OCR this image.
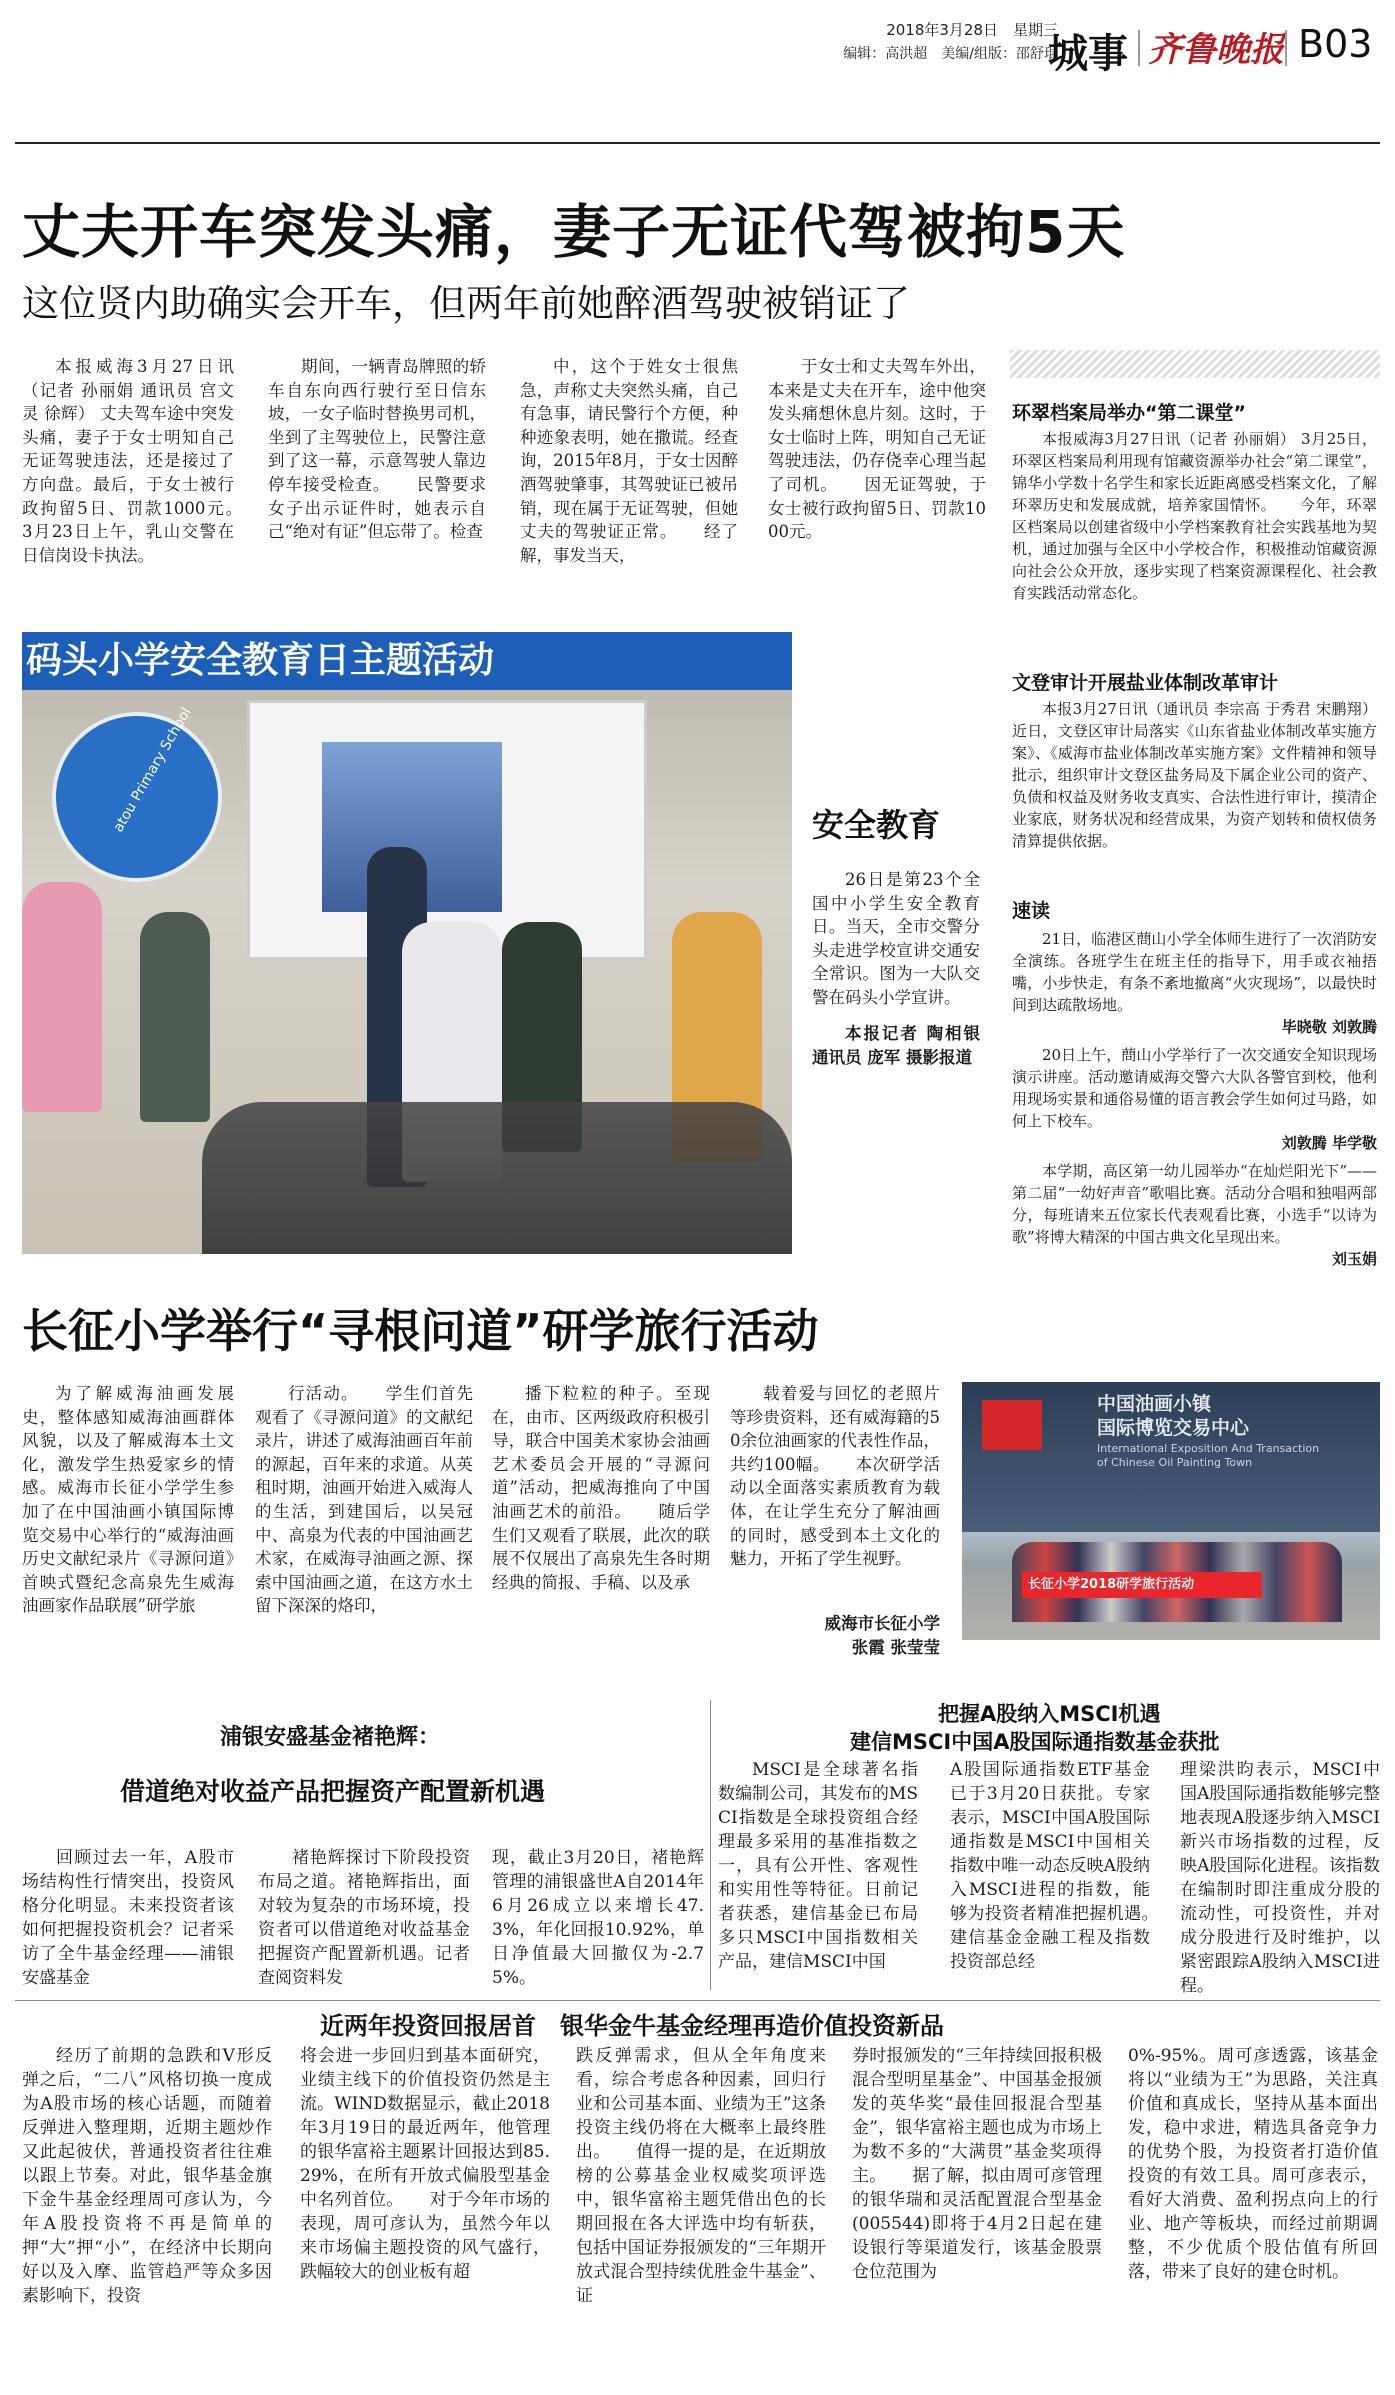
2018年3月28日　星期三
编辑：高洪超　美编/组版：邵舒琨
城事 齐鲁晚报 B03
丈夫开车突发头痛，妻子无证代驾被拘5天
这位贤内助确实会开车，但两年前她醉酒驾驶被销证了

本报威海3月27日讯（记者 孙丽娟 通讯员 宫文灵 徐辉） 丈夫驾车途中突发头痛，妻子于女士明知自己无证驾驶违法，还是接过了方向盘。最后，于女士被行政拘留5日、罚款1000元。　　3月23日上午，乳山交警在日信岗设卡执法。

期间，一辆青岛牌照的轿车自东向西行驶行至日信东坡，一女子临时替换男司机，坐到了主驾驶位上，民警注意到了这一幕，示意驾驶人靠边停车接受检查。　　民警要求女子出示证件时，她表示自己“绝对有证”但忘带了。检查

中，这个于姓女士很焦急，声称丈夫突然头痛，自己有急事，请民警行个方便，种种迹象表明，她在撒谎。经查询，2015年8月，于女士因醉酒驾驶肇事，其驾驶证已被吊销，现在属于无证驾驶，但她丈夫的驾驶证正常。　　经了解，事发当天，

于女士和丈夫驾车外出，本来是丈夫在开车，途中他突发头痛想休息片刻。这时，于女士临时上阵，明知自己无证驾驶违法，仍存侥幸心理当起了司机。　　因无证驾驶，于女士被行政拘留5日、罚款1000元。

码头小学安全教育日主题活动
atou Primary School	安全教育

26日是第23个全国中小学生安全教育日。当天，全市交警分头走进学校宣讲交通安全常识。图为一大队交警在码头小学宣讲。

本报记者 陶相银 通讯员 庞军 摄影报道

环翠档案局举办“第二课堂”

本报威海3月27日讯（记者 孙丽娟） 3月25日，环翠区档案局利用现有馆藏资源举办社会“第二课堂”，锦华小学数十名学生和家长近距离感受档案文化，了解环翠历史和发展成就，培养家国情怀。　　今年，环翠区档案局以创建省级中小学档案教育社会实践基地为契机，通过加强与全区中小学校合作，积极推动馆藏资源向社会公众开放，逐步实现了档案资源课程化、社会教育实践活动常态化。

文登审计开展盐业体制改革审计

本报3月27日讯（通讯员 李宗高 于秀君 宋鹏翔） 近日，文登区审计局落实《山东省盐业体制改革实施方案》、《威海市盐业体制改革实施方案》文件精神和领导批示，组织审计文登区盐务局及下属企业公司的资产、负债和权益及财务收支真实、合法性进行审计，摸清企业家底，财务状况和经营成果，为资产划转和债权债务清算提供依据。

速读

21日，临港区蔄山小学全体师生进行了一次消防安全演练。各班学生在班主任的指导下，用手或衣袖捂嘴，小步快走，有条不紊地撤离“火灾现场”，以最快时间到达疏散场地。

毕晓敬 刘敦腾

20日上午，蔄山小学举行了一次交通安全知识现场演示讲座。活动邀请威海交警六大队各警官到校，他利用现场实景和通俗易懂的语言教会学生如何过马路，如何上下校车。

刘敦腾 毕学敬

本学期，高区第一幼儿园举办“在灿烂阳光下”——第二届“一幼好声音”歌唱比赛。活动分合唱和独唱两部分，每班请来五位家长代表观看比赛，小选手“以诗为歌”将博大精深的中国古典文化呈现出来。

刘玉娟

长征小学举行“寻根问道”研学旅行活动

为了解威海油画发展史，整体感知威海油画群体风貌，以及了解威海本土文化，激发学生热爱家乡的情感。威海市长征小学学生参加了在中国油画小镇国际博览交易中心举行的“威海油画历史文献纪录片《寻源问道》首映式暨纪念高泉先生威海油画家作品联展”研学旅

行活动。　　学生们首先观看了《寻源问道》的文献纪录片，讲述了威海油画百年前的源起，百年来的求道。从英租时期，油画开始进入威海人的生活，到建国后，以吴冠中、高泉为代表的中国油画艺术家，在威海寻油画之源、探索中国油画之道，在这方水土留下深深的烙印，

播下粒粒的种子。至现在，由市、区两级政府积极引导，联合中国美术家协会油画艺术委员会开展的“寻源问道”活动，把威海推向了中国油画艺术的前沿。　　随后学生们又观看了联展，此次的联展不仅展出了高泉先生各时期经典的简报、手稿、以及承

载着爱与回忆的老照片等珍贵资料，还有威海籍的50余位油画家的代表性作品，共约100幅。　　本次研学活动以全面落实素质教育为载体，在让学生充分了解油画的同时，感受到本土文化的魅力，开拓了学生视野。

威海市长征小学
张霞 张莹莹
中国油画小镇
国际博览交易中心
International Exposition And Transaction
of Chinese Oil Painting Town
长征小学2018研学旅行活动
浦银安盛基金褚艳辉：
借道绝对收益产品把握资产配置新机遇

回顾过去一年，A股市场结构性行情突出，投资风格分化明显。未来投资者该如何把握投资机会？记者采访了全牛基金经理——浦银安盛基金

褚艳辉探讨下阶段投资布局之道。褚艳辉指出，面对较为复杂的市场环境，投资者可以借道绝对收益基金把握资产配置新机遇。记者查阅资料发

现，截止3月20日，褚艳辉管理的浦银盛世A自2014年6月26成立以来增长47.3%，年化回报10.92%，单日净值最大回撤仅为-2.75%。

把握A股纳入MSCI机遇
建信MSCI中国A股国际通指数基金获批

MSCI是全球著名指数编制公司，其发布的MSCI指数是全球投资组合经理最多采用的基准指数之一，具有公开性、客观性和实用性等特征。日前记者获悉，建信基金已布局多只MSCI中国指数相关产品，建信MSCI中国

A股国际通指数ETF基金已于3月20日获批。专家表示，MSCI中国A股国际通指数是MSCI中国相关指数中唯一动态反映A股纳入MSCI进程的指数，能够为投资者精准把握机遇。　　建信基金金融工程及指数投资部总经

理梁洪昀表示，MSCI中国A股国际通指数能够完整地表现A股逐步纳入MSCI新兴市场指数的过程，反映A股国际化进程。该指数在编制时即注重成分股的流动性，可投资性，并对成分股进行及时维护，以紧密跟踪A股纳入MSCI进程。

近两年投资回报居首　银华金牛基金经理再造价值投资新品

经历了前期的急跌和V形反弹之后，“二八”风格切换一度成为A股市场的核心话题，而随着反弹进入整理期，近期主题炒作又此起彼伏，普通投资者往往难以跟上节奏。对此，银华基金旗下金牛基金经理周可彦认为，今年A股投资将不再是简单的押“大”押“小”，在经济中长期向好以及入摩、监管趋严等众多因素影响下，投资

将会进一步回归到基本面研究，业绩主线下的价值投资仍然是主流。WIND数据显示，截止2018年3月19日的最近两年，他管理的银华富裕主题累计回报达到85.29%，在所有开放式偏股型基金中名列首位。　　对于今年市场的表现，周可彦认为，虽然今年以来市场偏主题投资的风气盛行，跌幅较大的创业板有超

跌反弹需求，但从全年角度来看，综合考虑各种因素，回归行业和公司基本面、业绩为王”这条投资主线仍将在大概率上最终胜出。　　值得一提的是，在近期放榜的公募基金业权威奖项评选中，银华富裕主题凭借出色的长期回报在各大评选中均有斩获，包括中国证券报颁发的“三年期开放式混合型持续优胜金牛基金”、证

券时报颁发的“三年持续回报积极混合型明星基金”、中国基金报颁发的英华奖“最佳回报混合型基金”，银华富裕主题也成为市场上为数不多的“大满贯”基金奖项得主。　　据了解，拟由周可彦管理的银华瑞和灵活配置混合型基金(005544)即将于4月2日起在建设银行等渠道发行，该基金股票仓位范围为

0%-95%。周可彦透露，该基金将以“业绩为王”为思路，关注真价值和真成长，坚持从基本面出发，稳中求进，精选具备竞争力的优势个股，为投资者打造价值投资的有效工具。周可彦表示，看好大消费、盈利拐点向上的行业、地产等板块，而经过前期调整，不少优质个股估值有所回落，带来了良好的建仓时机。
